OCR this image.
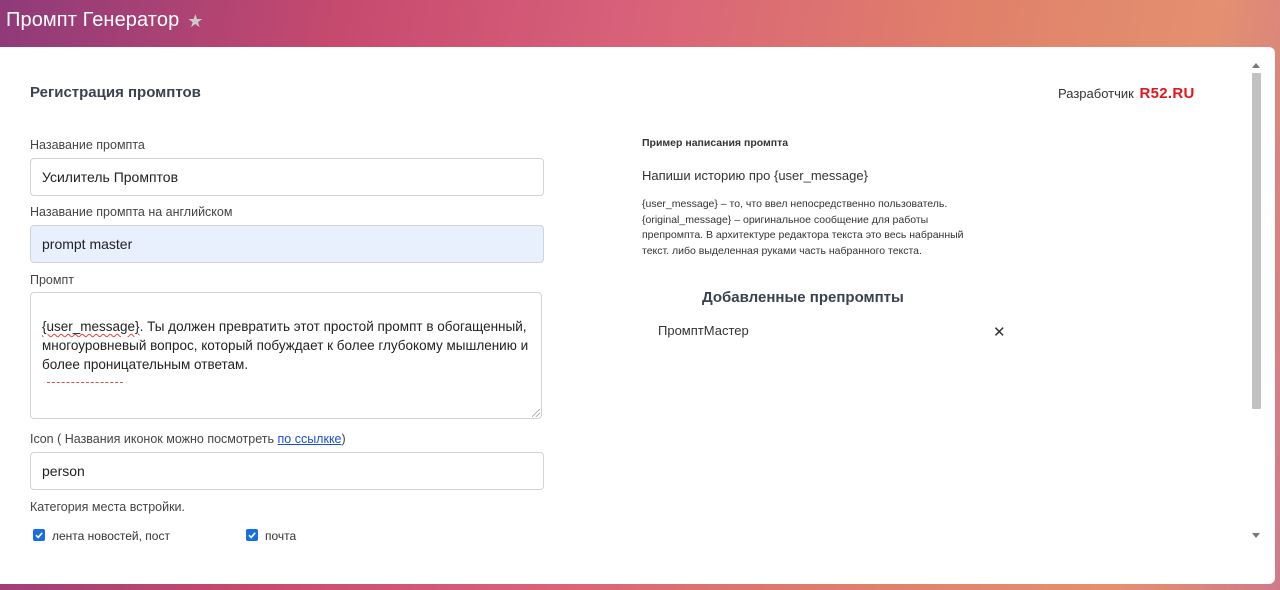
Промпт Генератор ★
Регистрация промптов	Разработчик R52.RU
Назавание промпта
Усилитель Промптов
Назавание промпта на английском
prompt master
Промпт
{user_message}. Ты должен превратить этот простой промпт в обогащенный, многоуровневый вопрос, который побуждает к более глубокому мышлению и более проницательным ответам.
Icon ( Названия иконок можно посмотреть по ссылкке)
person
Категория места встройки.
лента новостей, пост	почта
Пример написания промпта
Напиши историю про {user_message}
{user_message} – то, что ввел непосредственно пользователь. {original_message} – оригинальное сообщение для работы препромпта. В архитектуре редактора текста это весь набранный текст. либо выделенная руками часть набранного текста.
Добавленные препромпты
ПромптМастер	✕
